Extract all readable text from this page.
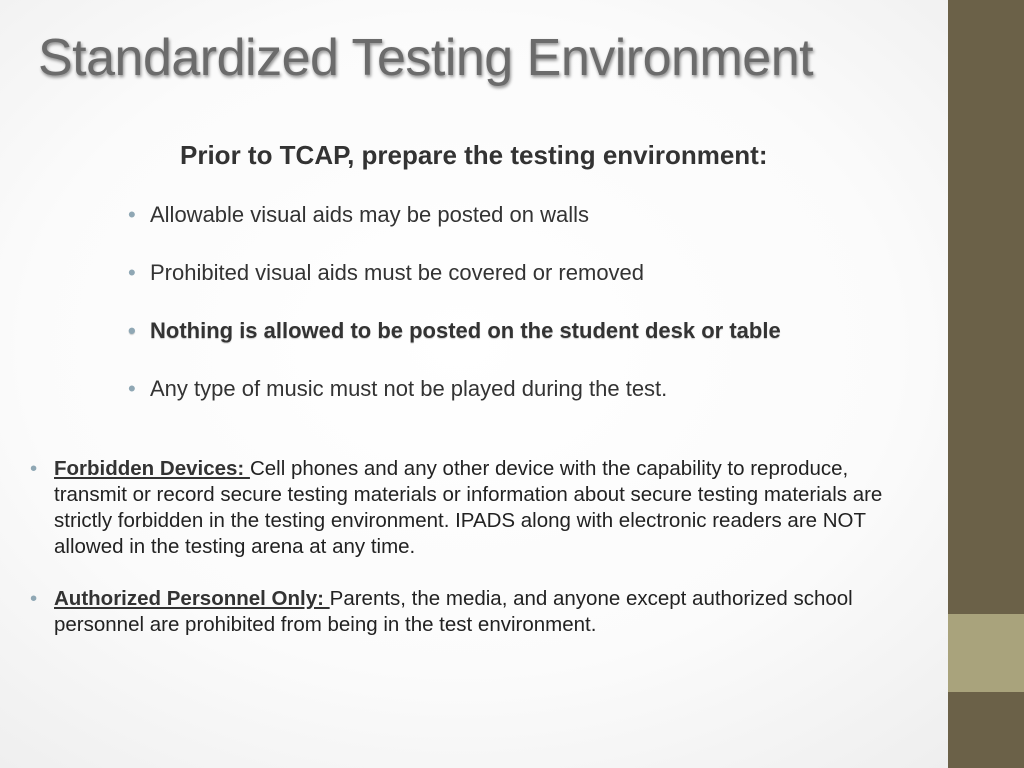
Standardized Testing Environment
Prior to TCAP, prepare the testing environment:
• Allowable visual aids may be posted on walls
• Prohibited visual aids must be covered or removed
• Nothing is allowed to be posted on the student desk or table
• Any type of music must not be played during the test.
• Forbidden Devices: Cell phones and any other device with the capability to reproduce, transmit or record secure testing materials or information about secure testing materials are strictly forbidden in the testing environment. IPADS along with electronic readers are NOT allowed in the testing arena at any time.
• Authorized Personnel Only: Parents, the media, and anyone except authorized school personnel are prohibited from being in the test environment.
